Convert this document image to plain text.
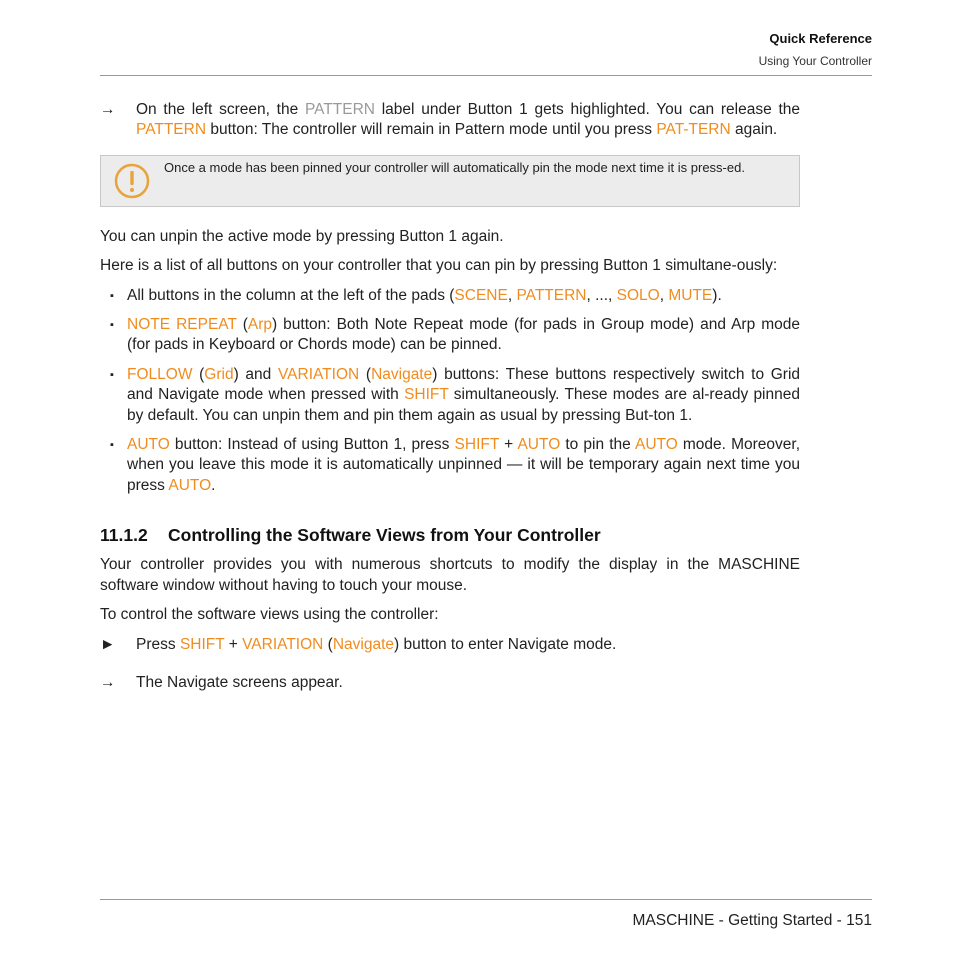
Quick Reference
Using Your Controller
→	On the left screen, the PATTERN label under Button 1 gets highlighted. You can release the PATTERN button: The controller will remain in Pattern mode until you press PAT-TERN again.
Once a mode has been pinned your controller will automatically pin the mode next time it is press-ed.

You can unpin the active mode by pressing Button 1 again.

Here is a list of all buttons on your controller that you can pin by pressing Button 1 simultane-ously:

▪ All buttons in the column at the left of the pads (SCENE, PATTERN, ..., SOLO, MUTE).
▪ NOTE REPEAT (Arp) button: Both Note Repeat mode (for pads in Group mode) and Arp mode (for pads in Keyboard or Chords mode) can be pinned.
▪ FOLLOW (Grid) and VARIATION (Navigate) buttons: These buttons respectively switch to Grid and Navigate mode when pressed with SHIFT simultaneously. These modes are al-ready pinned by default. You can unpin them and pin them again as usual by pressing But-ton 1.
▪ AUTO button: Instead of using Button 1, press SHIFT + AUTO to pin the AUTO mode. Moreover, when you leave this mode it is automatically unpinned — it will be temporary again next time you press AUTO.
11.1.2	Controlling the Software Views from Your Controller

Your controller provides you with numerous shortcuts to modify the display in the MASCHINE software window without having to touch your mouse.

To control the software views using the controller:

►	Press SHIFT + VARIATION (Navigate) button to enter Navigate mode.
→	The Navigate screens appear.
MASCHINE - Getting Started - 151
